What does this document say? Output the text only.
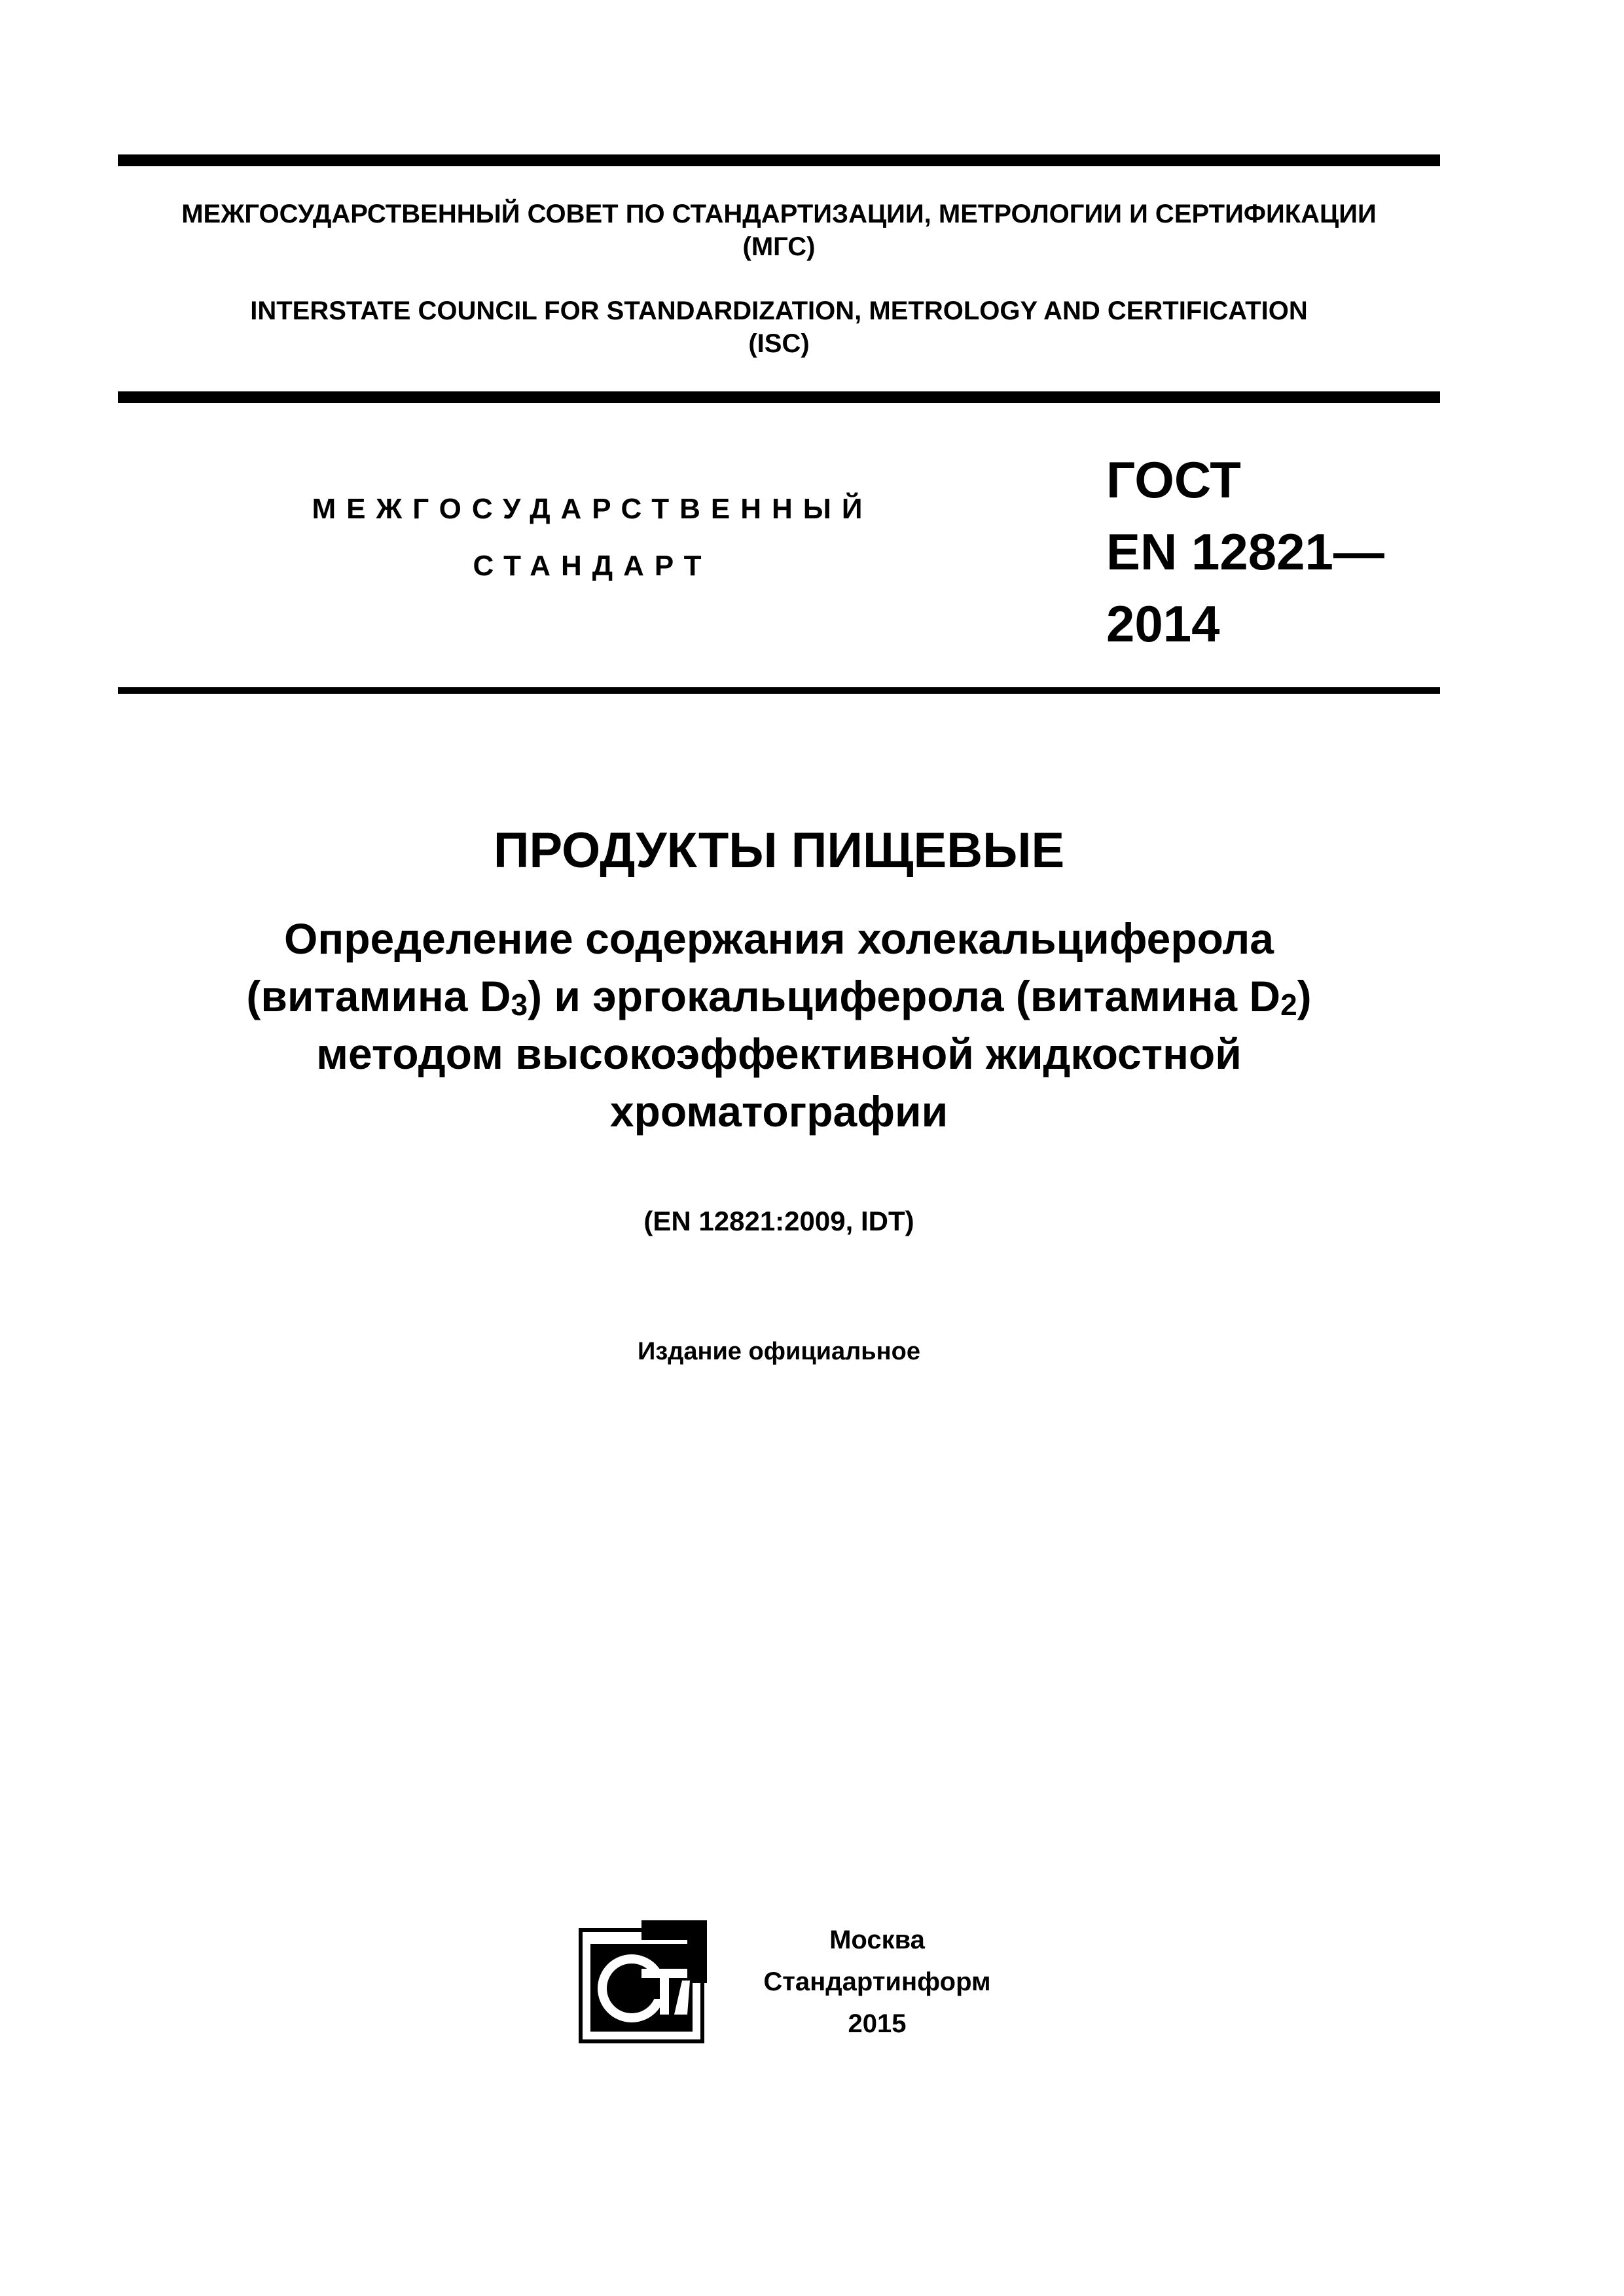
МЕЖГОСУДАРСТВЕННЫЙ СОВЕТ ПО СТАНДАРТИЗАЦИИ, МЕТРОЛОГИИ И СЕРТИФИКАЦИИ
(МГС)
INTERSTATE COUNCIL FOR STANDARDIZATION, METROLOGY AND CERTIFICATION
(ISC)
МЕЖГОСУДАРСТВЕННЫЙ
СТАНДАРТ
ГОСТ
EN 12821—
2014
ПРОДУКТЫ ПИЩЕВЫЕ
Определение содержания холекальциферола
(витамина $D_3$) и эргокальциферола (витамина $D_2$)
методом высокоэффективной жидкостной
хроматографии
(EN 12821:2009, IDT)
Издание официальное
Москва
Стандартинформ
2015
